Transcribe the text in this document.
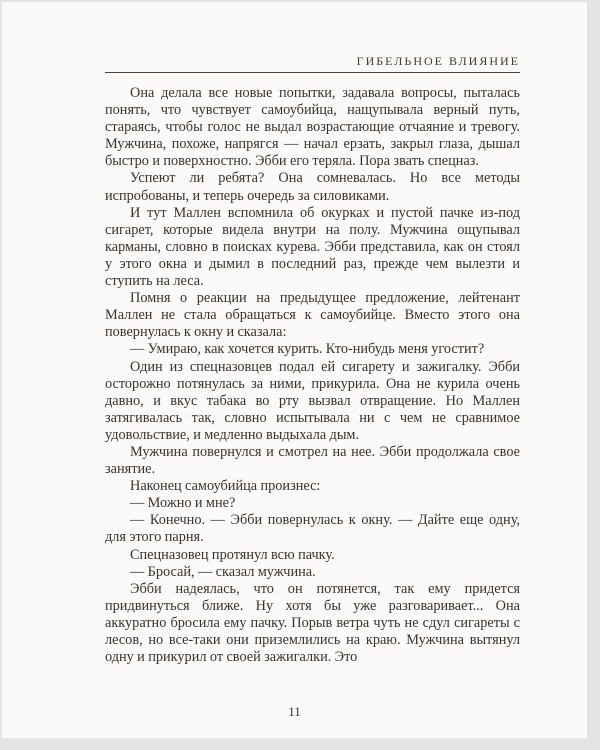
ГИБЕЛЬНОЕ ВЛИЯНИЕ

Она делала все новые попытки, задавала вопросы, пыталась понять, что чувствует самоубийца, нащупывала верный путь, стараясь, чтобы голос не выдал возрастающие отчаяние и тревогу. Мужчина, похоже, напрягся — начал ерзать, закрыл глаза, дышал быстро и поверхностно. Эбби его теряла. Пора звать спецназ.

Успеют ли ребята? Она сомневалась. Но все методы испробованы, и теперь очередь за силовиками.

И тут Маллен вспомнила об окурках и пустой пачке из-под сигарет, которые видела внутри на полу. Мужчина ощупывал карманы, словно в поисках курева. Эбби представила, как он стоял у этого окна и дымил в последний раз, прежде чем вылезти и ступить на леса.

Помня о реакции на предыдущее предложение, лейтенант Маллен не стала обращаться к самоубийце. Вместо этого она повернулась к окну и сказала:

— Умираю, как хочется курить. Кто-нибудь меня угостит?

Один из спецназовцев подал ей сигарету и зажигалку. Эбби осторожно потянулась за ними, прикурила. Она не курила очень давно, и вкус табака во рту вызвал отвращение. Но Маллен затягивалась так, словно испытывала ни с чем не сравнимое удовольствие, и медленно выдыхала дым.

Мужчина повернулся и смотрел на нее. Эбби продолжала свое занятие.

Наконец самоубийца произнес:

— Можно и мне?

— Конечно. — Эбби повернулась к окну. — Дайте еще одну, для этого парня.

Спецназовец протянул всю пачку.

— Бросай, — сказал мужчина.

Эбби надеялась, что он потянется, так ему придется придвинуться ближе. Ну хотя бы уже разговаривает... Она аккуратно бросила ему пачку. Порыв ветра чуть не сдул сигареты с лесов, но все-таки они приземлились на краю. Мужчина вытянул одну и прикурил от своей зажигалки. Это

11
